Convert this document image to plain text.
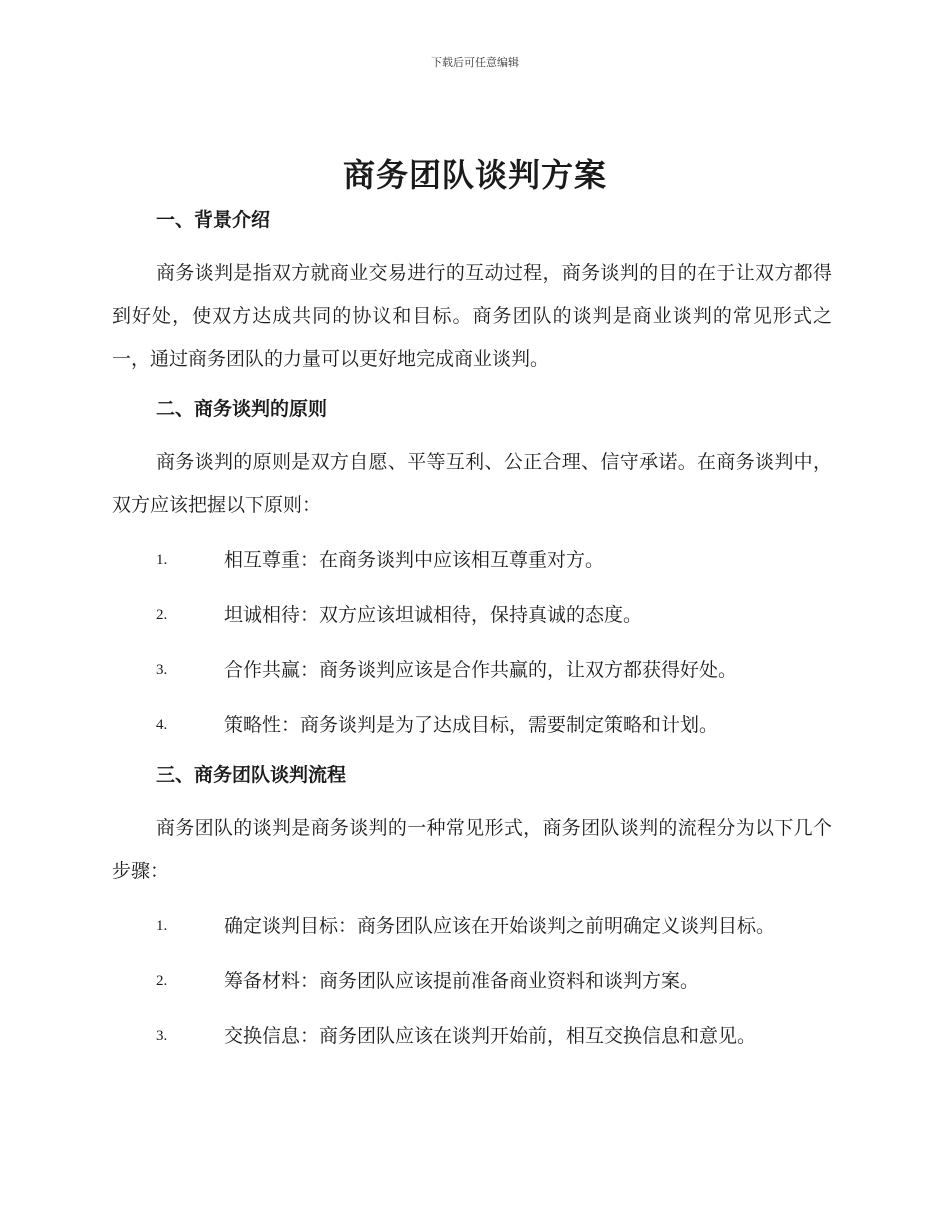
下载后可任意编辑
商务团队谈判方案
一、背景介绍

商务谈判是指双方就商业交易进行的互动过程，商务谈判的目的在于让双方都得到好处，使双方达成共同的协议和目标。商务团队的谈判是商业谈判的常见形式之一，通过商务团队的力量可以更好地完成商业谈判。

二、商务谈判的原则

商务谈判的原则是双方自愿、平等互利、公正合理、信守承诺。在商务谈判中，双方应该把握以下原则：

1.	相互尊重：在商务谈判中应该相互尊重对方。
2.	坦诚相待：双方应该坦诚相待，保持真诚的态度。
3.	合作共赢：商务谈判应该是合作共赢的，让双方都获得好处。
4.	策略性：商务谈判是为了达成目标，需要制定策略和计划。
三、商务团队谈判流程

商务团队的谈判是商务谈判的一种常见形式，商务团队谈判的流程分为以下几个步骤：

1.	确定谈判目标：商务团队应该在开始谈判之前明确定义谈判目标。
2.	筹备材料：商务团队应该提前准备商业资料和谈判方案。
3.	交换信息：商务团队应该在谈判开始前，相互交换信息和意见。
